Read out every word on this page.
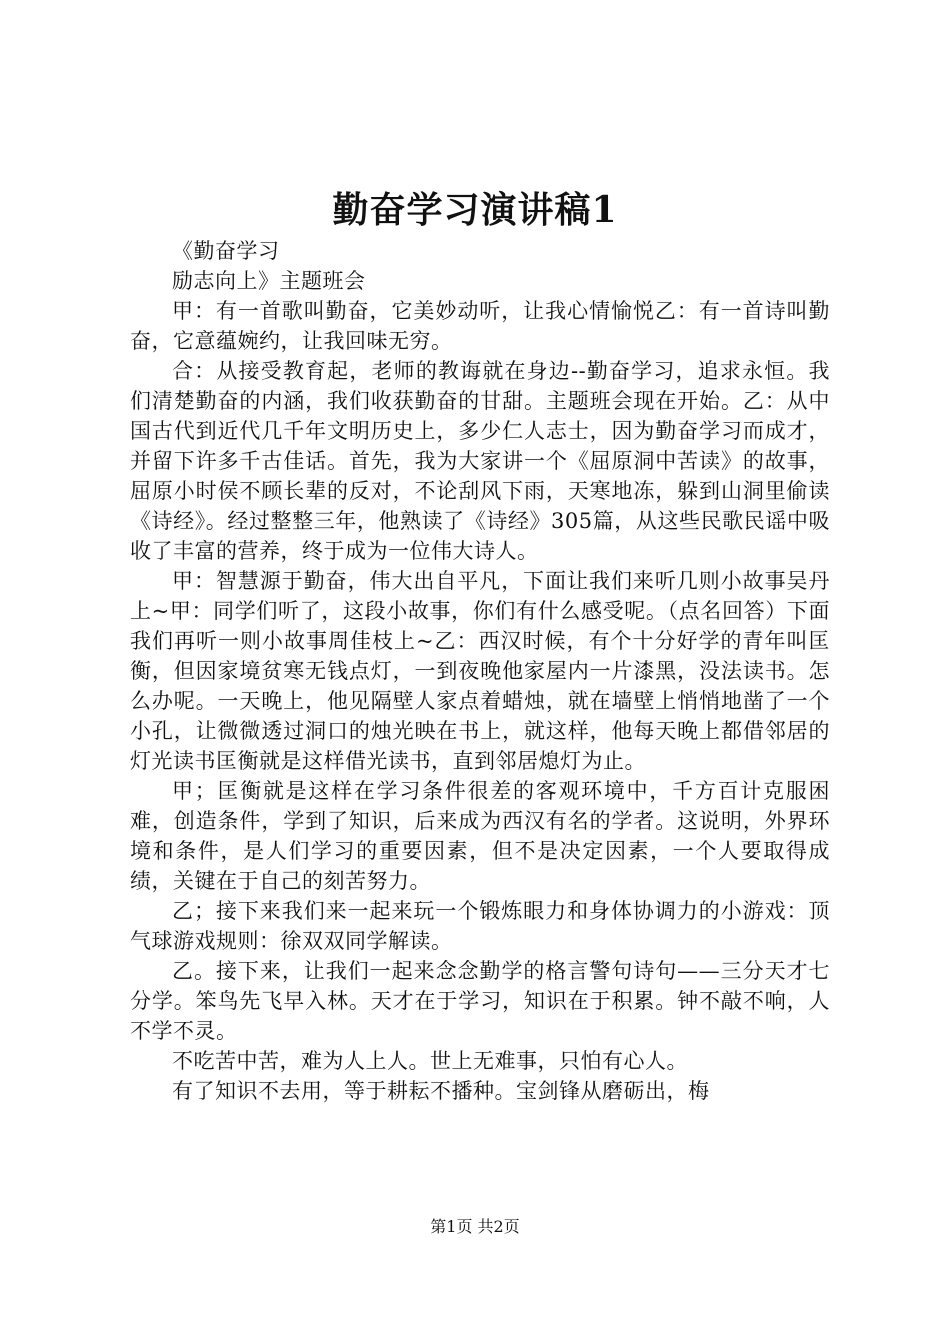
勤奋学习演讲稿1

《勤奋学习

励志向上》主题班会

甲：有一首歌叫勤奋，它美妙动听，让我心情愉悦乙：有一首诗叫勤奋，它意蕴婉约，让我回味无穷。

合：从接受教育起，老师的教诲就在身边--勤奋学习，追求永恒。我们清楚勤奋的内涵，我们收获勤奋的甘甜。主题班会现在开始。乙：从中国古代到近代几千年文明历史上，多少仁人志士，因为勤奋学习而成才，并留下许多千古佳话。首先，我为大家讲一个《屈原洞中苦读》的故事，屈原小时侯不顾长辈的反对，不论刮风下雨，天寒地冻，躲到山洞里偷读《诗经》。经过整整三年，他熟读了《诗经》305篇，从这些民歌民谣中吸收了丰富的营养，终于成为一位伟大诗人。

甲：智慧源于勤奋，伟大出自平凡，下面让我们来听几则小故事吴丹上~甲：同学们听了，这段小故事，你们有什么感受呢。（点名回答）下面我们再听一则小故事周佳枝上~乙：西汉时候，有个十分好学的青年叫匡衡，但因家境贫寒无钱点灯，一到夜晚他家屋内一片漆黑，没法读书。怎么办呢。一天晚上，他见隔壁人家点着蜡烛，就在墙壁上悄悄地凿了一个小孔，让微微透过洞口的烛光映在书上，就这样，他每天晚上都借邻居的灯光读书匡衡就是这样借光读书，直到邻居熄灯为止。

甲；匡衡就是这样在学习条件很差的客观环境中，千方百计克服困难，创造条件，学到了知识，后来成为西汉有名的学者。这说明，外界环境和条件，是人们学习的重要因素，但不是决定因素，一个人要取得成绩，关键在于自己的刻苦努力。

乙；接下来我们来一起来玩一个锻炼眼力和身体协调力的小游戏：顶气球游戏规则：徐双双同学解读。

乙。接下来，让我们一起来念念勤学的格言警句诗句——三分天才七分学。笨鸟先飞早入林。天才在于学习，知识在于积累。钟不敲不响，人不学不灵。

不吃苦中苦，难为人上人。世上无难事，只怕有心人。

有了知识不去用，等于耕耘不播种。宝剑锋从磨砺出，梅

第1页 共2页
